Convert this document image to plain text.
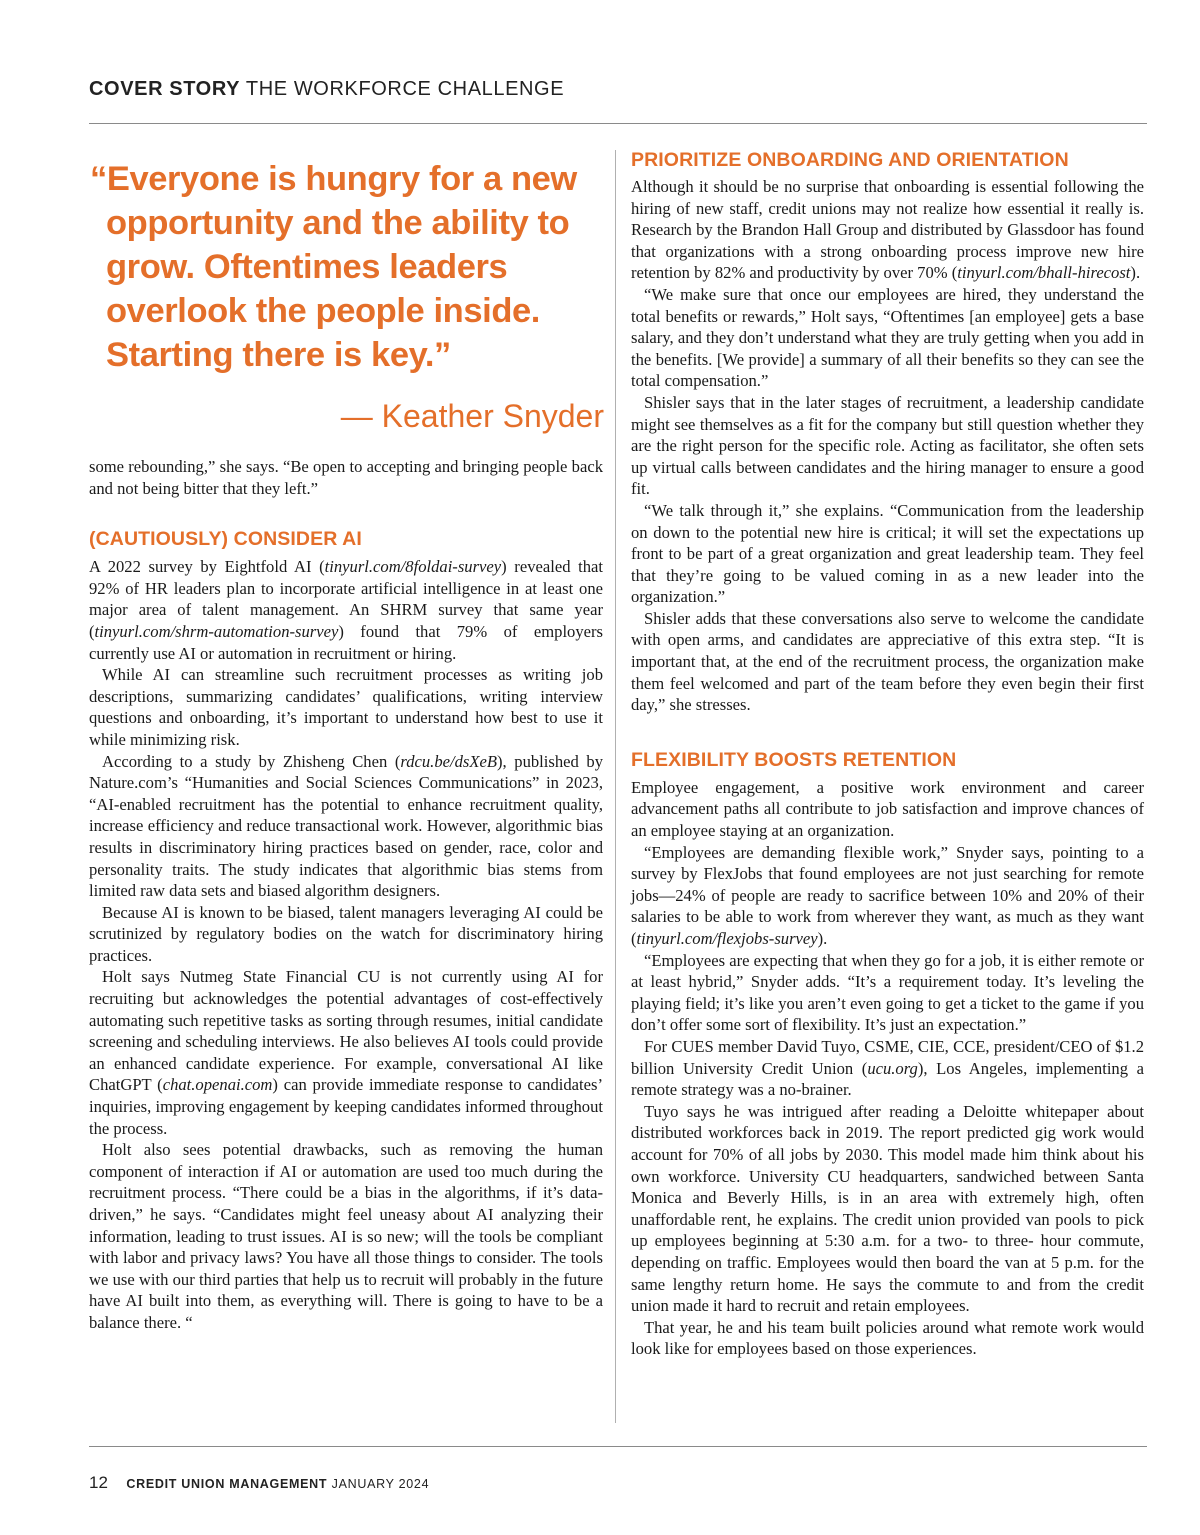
COVER STORY THE WORKFORCE CHALLENGE
“Everyone is hungry for a new opportunity and the ability to grow. Oftentimes leaders overlook the people inside. Starting there is key.”
— Keather Snyder

some rebounding,” she says. “Be open to accepting and bringing people back and not being bitter that they left.”

(CAUTIOUSLY) CONSIDER AI

A 2022 survey by Eightfold AI (tinyurl.com/8foldai-survey) revealed that 92% of HR leaders plan to incorporate artificial intelligence in at least one major area of talent management. An SHRM survey that same year (tinyurl.com/shrm-automation-survey) found that 79% of employers currently use AI or automation in recruitment or hiring.

While AI can streamline such recruitment processes as writing job descriptions, summarizing candidates’ qualifications, writing interview questions and onboarding, it’s important to understand how best to use it while minimizing risk.

According to a study by Zhisheng Chen (rdcu.be/dsXeB), published by Nature.com’s “Humanities and Social Sciences Communications” in 2023, “AI-enabled recruitment has the potential to enhance recruitment quality, increase efficiency and reduce transactional work. However, algorithmic bias results in discriminatory hiring practices based on gender, race, color and personality traits. The study indicates that algorithmic bias stems from limited raw data sets and biased algorithm designers.

Because AI is known to be biased, talent managers leveraging AI could be scrutinized by regulatory bodies on the watch for discriminatory hiring practices.

Holt says Nutmeg State Financial CU is not currently using AI for recruiting but acknowledges the potential advantages of cost-effectively automating such repetitive tasks as sorting through resumes, initial candidate screening and scheduling interviews. He also believes AI tools could provide an enhanced candidate experience. For example, conversational AI like ChatGPT (chat.openai.com) can provide immediate response to candidates’ inquiries, improving engagement by keeping candidates informed throughout the process.

Holt also sees potential drawbacks, such as removing the human component of interaction if AI or automation are used too much during the recruitment process. “There could be a bias in the algorithms, if it’s data-driven,” he says. “Candidates might feel uneasy about AI analyzing their information, leading to trust issues. AI is so new; will the tools be compliant with labor and privacy laws? You have all those things to consider. The tools we use with our third parties that help us to recruit will probably in the future have AI built into them, as everything will. There is going to have to be a balance there. “

PRIORITIZE ONBOARDING AND ORIENTATION

Although it should be no surprise that onboarding is essential following the hiring of new staff, credit unions may not realize how essential it really is. Research by the Brandon Hall Group and distributed by Glassdoor has found that organizations with a strong onboarding process improve new hire retention by 82% and productivity by over 70% (tinyurl.com/bhall-hirecost).

“We make sure that once our employees are hired, they understand the total benefits or rewards,” Holt says, “Oftentimes [an employee] gets a base salary, and they don’t understand what they are truly getting when you add in the benefits. [We provide] a summary of all their benefits so they can see the total compensation.”

Shisler says that in the later stages of recruitment, a leadership candidate might see themselves as a fit for the company but still question whether they are the right person for the specific role. Acting as facilitator, she often sets up virtual calls between candidates and the hiring manager to ensure a good fit.

“We talk through it,” she explains. “Communication from the leadership on down to the potential new hire is critical; it will set the expectations up front to be part of a great organization and great leadership team. They feel that they’re going to be valued coming in as a new leader into the organization.”

Shisler adds that these conversations also serve to welcome the candidate with open arms, and candidates are appreciative of this extra step. “It is important that, at the end of the recruitment process, the organization make them feel welcomed and part of the team before they even begin their first day,” she stresses.

FLEXIBILITY BOOSTS RETENTION

Employee engagement, a positive work environment and career advancement paths all contribute to job satisfaction and improve chances of an employee staying at an organization.

“Employees are demanding flexible work,” Snyder says, pointing to a survey by FlexJobs that found employees are not just searching for remote jobs—24% of people are ready to sacrifice between 10% and 20% of their salaries to be able to work from wherever they want, as much as they want (tinyurl.com/flexjobs-survey).

“Employees are expecting that when they go for a job, it is either remote or at least hybrid,” Snyder adds. “It’s a requirement today. It’s leveling the playing field; it’s like you aren’t even going to get a ticket to the game if you don’t offer some sort of flexibility. It’s just an expectation.”

For CUES member David Tuyo, CSME, CIE, CCE, president/CEO of $1.2 billion University Credit Union (ucu.org), Los Angeles, implementing a remote strategy was a no-brainer.

Tuyo says he was intrigued after reading a Deloitte whitepaper about distributed workforces back in 2019. The report predicted gig work would account for 70% of all jobs by 2030. This model made him think about his own workforce. University CU headquarters, sandwiched between Santa Monica and Beverly Hills, is in an area with extremely high, often unaffordable rent, he explains. The credit union provided van pools to pick up employees beginning at 5:30 a.m. for a two- to three- hour commute, depending on traffic. Employees would then board the van at 5 p.m. for the same lengthy return home. He says the commute to and from the credit union made it hard to recruit and retain employees.

That year, he and his team built policies around what remote work would look like for employees based on those experiences.

12 CREDIT UNION MANAGEMENT JANUARY 2024
